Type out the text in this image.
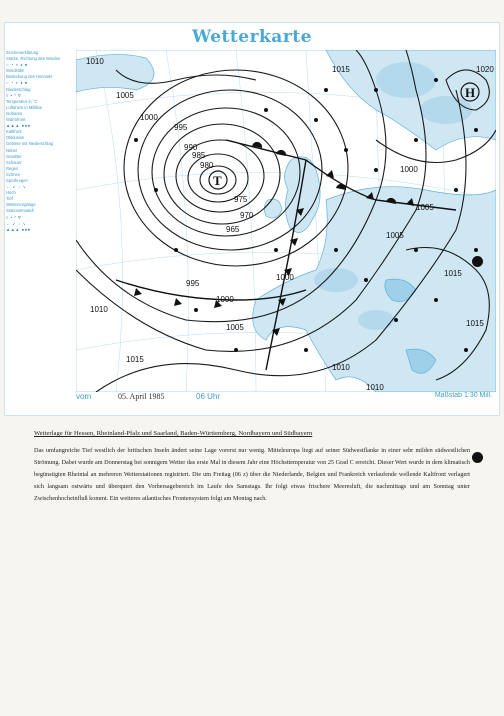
Wetterkarte
Zeichenerklärung
Stärke, Richtung des Windes
○ ◔ ◑ ◕ ●
Windstille
Bedeckung des Himmels
○ ◔ ◑ ◕ ●
Niederschlag
≡ • * ∇
Temperatur in °C
Luftdruck in Millibar
Isobaren
Warmfront
▲▲▲ ●●●
Kaltfront
Okklusion
Gebiete mit Niederschlag
Nebel
Gewitter
Schauer
Regen
Schnee
Sprühregen
← ↙ ↓ ↘
Hoch
Tief
Wettervorgänge
Stationsmodell
≡ • * ∇
← ↙ ↓ ↘
▲▲▲ ●●●
1010
1005
1000
995
990
985
980
975
970
965
1015	1020
1000
1005
1010
1015
1015
1010
1005
1000
995
1000
1005
1010
1015
T
H
vom	05. April 1985	06 Uhr	Maßstab 1:30 Mill.
Wetterlage für Hessen, Rheinland-Pfalz und Saarland, Baden-Württemberg, Nordbayern und Südbayern
Das umfangreiche Tief westlich der britischen Inseln ändert seine Lage vorerst nur wenig. Mitteleuropa liegt auf seiner Südwestflanke in einer sehr milden südwestlichen Strömung. Dabei wurde am Donnerstag bei sonnigem Wetter das erste Mal in diesem Jahr eine Höchsttemperatur von 25 Grad C erreicht. Dieser Wert wurde in dem klimatisch begünstigten Rheintal an mehreren Wetterstationen registriert. Die um Freitag (06 z) über die Niederlande, Belgien und Frankreich verlaufende wellende Kaltfront verlagert sich langsam ostwärts und überquert den Vorhersagebereich im Laufe des Samstags. Ihr folgt etwas frischere Meeresluft, die nachmittags und am Sonntag unter Zwischenhocheinfluß kommt. Ein weiteres atlantisches Frontensystem folgt am Montag nach.
